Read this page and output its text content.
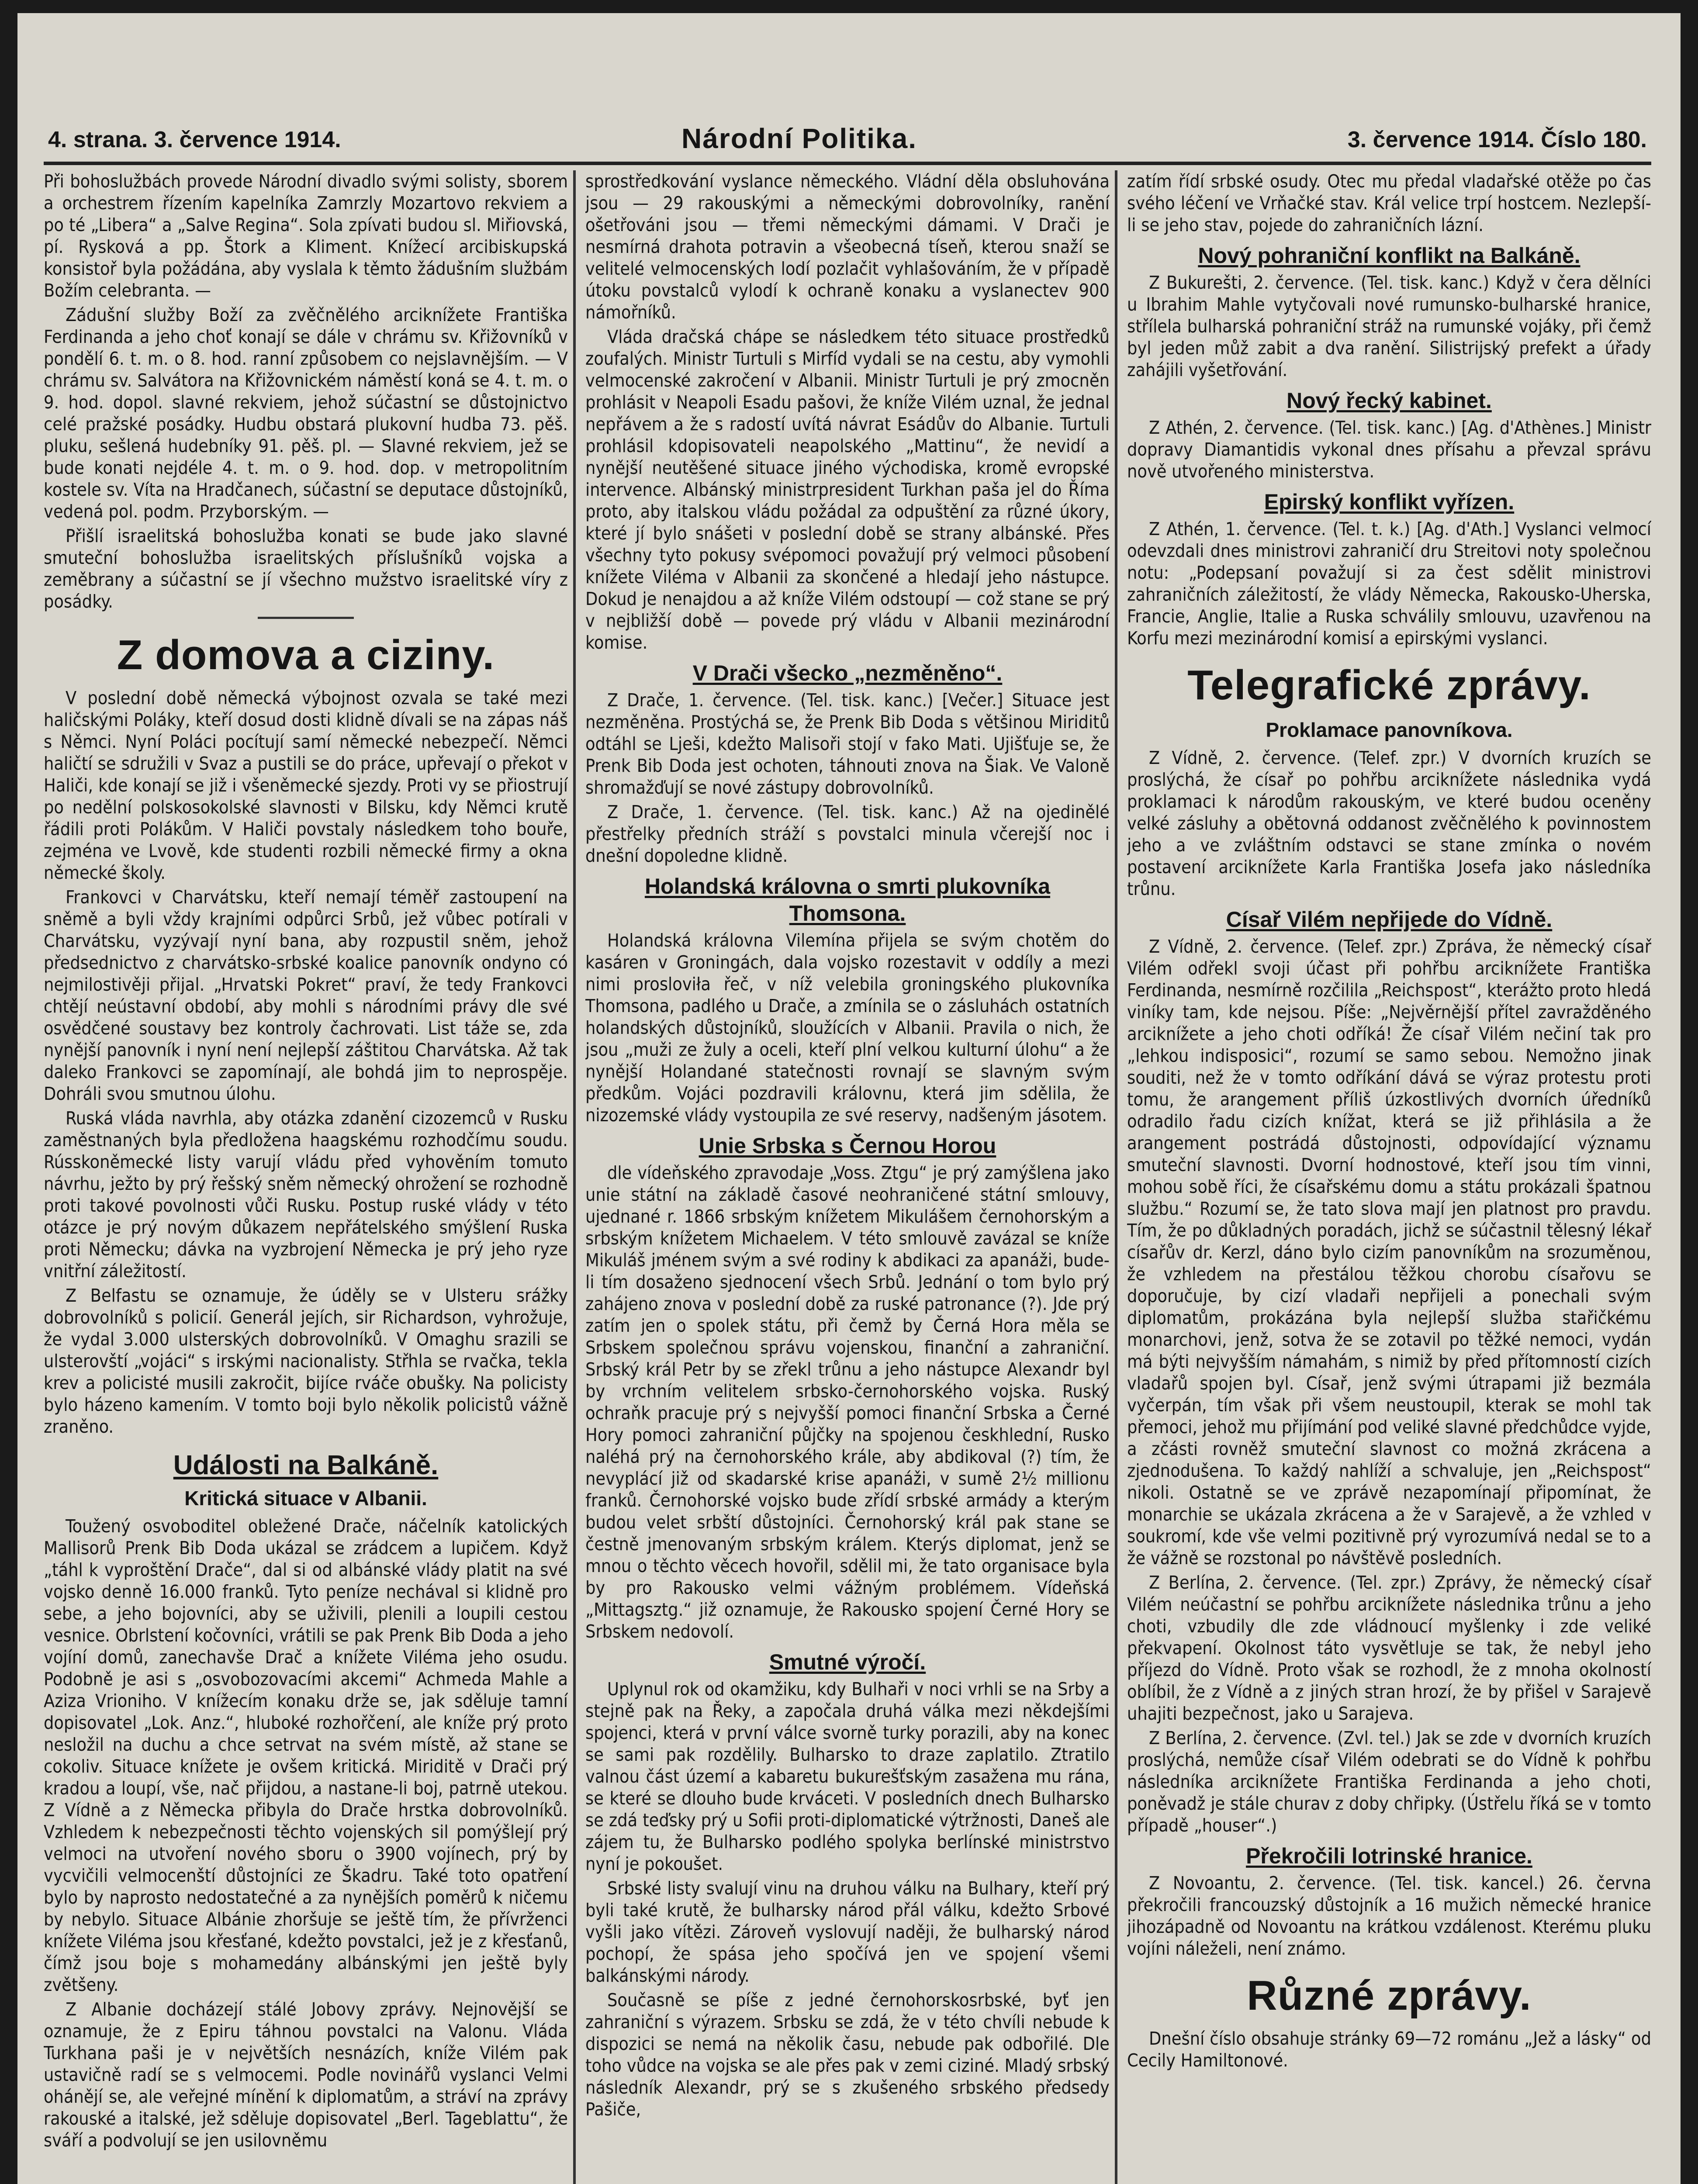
4. strana. 3. července 1914.	Národní Politika.	3. července 1914. Číslo 180.

Při bohoslužbách provede Národní divadlo svými solisty, sborem a orchestrem řízením kapelníka Zamrzly Mozartovo rekviem a po té „Libera“ a „Salve Regina“. Sola zpívati budou sl. Miřiovská, pí. Rysková a pp. Štork a Kliment. Knížecí arcibiskupská konsistoř byla požádána, aby vyslala k těmto žádušním službám Božím celebranta. —

Zádušní služby Boží za zvěčnělého arciknížete Františka Ferdinanda a jeho choť konají se dále v chrámu sv. Křižovníků v pondělí 6. t. m. o 8. hod. ranní způsobem co nejslavnějším. — V chrámu sv. Salvátora na Křižovnickém náměstí koná se 4. t. m. o 9. hod. dopol. slavné rekviem, jehož súčastní se důstojnictvo celé pražské posádky. Hudbu obstará plukovní hudba 73. pěš. pluku, sešlená hudebníky 91. pěš. pl. — Slavné rekviem, jež se bude konati nejdéle 4. t. m. o 9. hod. dop. v metropolitním kostele sv. Víta na Hradčanech, súčastní se deputace důstojníků, vedená pol. podm. Przyborským. —

Přišlí israelitská bohoslužba konati se bude jako slavné smuteční bohoslužba israelitských příslušníků vojska a zeměbrany a súčastní se jí všechno mužstvo israelitské víry z posádky.

Z domova a ciziny.

V poslední době německá výbojnost ozvala se také mezi haličskými Poláky, kteří dosud dosti klidně dívali se na zápas náš s Němci. Nyní Poláci pocítují samí německé nebezpečí. Němci haličtí se sdružili v Svaz a pustili se do práce, upřevají o překot v Haliči, kde konají se již i všeněmecké sjezdy. Proti vy se přiostrují po nedělní polskosokolské slavnosti v Bilsku, kdy Němci krutě řádili proti Polákům. V Haliči povstaly následkem toho bouře, zejména ve Lvově, kde studenti rozbili německé firmy a okna německé školy.

Frankovci v Charvátsku, kteří nemají téměř zastoupení na sněmě a byli vždy krajními odpůrci Srbů, jež vůbec potírali v Charvátsku, vyzývají nyní bana, aby rozpustil sněm, jehož předsednictvo z charvátsko-srbské koalice panovník ondyno có nejmilostivěji přijal. „Hrvatski Pokret“ praví, že tedy Frankovci chtějí neústavní období, aby mohli s národními právy dle své osvědčené soustavy bez kontroly čachrovati. List táže se, zda nynější panovník i nyní není nejlepší záštitou Charvátska. Až tak daleko Frankovci se zapomínají, ale bohdá jim to neprospěje. Dohráli svou smutnou úlohu.

Ruská vláda navrhla, aby otázka zdanění cizozemců v Rusku zaměstnaných byla předložena haagskému rozhodčímu soudu. Rússkoněmecké listy varují vládu před vyhověním tomuto návrhu, ježto by prý řešský sněm německý ohrožení se rozhodně proti takové povolnosti vůči Rusku. Postup ruské vlády v této otázce je prý novým důkazem nepřátelského smýšlení Ruska proti Německu; dávka na vyzbrojení Německa je prý jeho ryze vnitřní záležitostí.

Z Belfastu se oznamuje, že úděly se v Ulsteru srážky dobrovolníků s policií. Generál jejích, sir Richardson, vyhrožuje, že vydal 3.000 ulsterských dobrovolníků. V Omaghu srazili se ulsterovští „vojáci“ s irskými nacionalisty. Střhla se rvačka, tekla krev a policisté musili zakročit, bijíce rváče obušky. Na policisty bylo házeno kamením. V tomto boji bylo několik policistů vážně zraněno.

Události na Balkáně.
Kritická situace v Albanii.

Toužený osvoboditel obležené Drače, náčelník katolických Mallisorů Prenk Bib Doda ukázal se zrádcem a lupičem. Když „táhl k vyproštění Drače“, dal si od albánské vlády platit na své vojsko denně 16.000 franků. Tyto peníze nechával si klidně pro sebe, a jeho bojovníci, aby se uživili, plenili a loupili cestou vesnice. Obrlstení kočovníci, vrátili se pak Prenk Bib Doda a jeho vojíní domů, zanechavše Drač a knížete Viléma jeho osudu. Podobně je asi s „osvobozovacími akcemi“ Achmeda Mahle a Aziza Vrioniho. V knížecím konaku drže se, jak sděluje tamní dopisovatel „Lok. Anz.“, hluboké rozhořčení, ale kníže prý proto nesložil na duchu a chce setrvat na svém místě, až stane se cokoliv. Situace knížete je ovšem kritická. Miriditě v Drači prý kradou a loupí, vše, nač přijdou, a nastane-li boj, patrně utekou. Z Vídně a z Německa přibyla do Drače hrstka dobrovolníků. Vzhledem k nebezpečnosti těchto vojenských sil pomýšlejí prý velmoci na utvoření nového sboru o 3900 vojínech, prý by vycvičili velmocenští důstojníci ze Škadru. Také toto opatření bylo by naprosto nedostatečné a za nynějších poměrů k ničemu by nebylo. Situace Albánie zhoršuje se ještě tím, že přívrženci knížete Viléma jsou křesťané, kdežto povstalci, jež je z křesťanů, čímž jsou boje s mohamedány albánskými jen ještě byly zvětšeny.

Z Albanie docházejí stálé Jobovy zprávy. Nejnovější se oznamuje, že z Epiru táhnou povstalci na Valonu. Vláda Turkhana paši je v největších nesnázích, kníže Vilém pak ustavičně radí se s velmocemi. Podle novinářů vyslanci Velmi ohánějí se, ale veřejné mínění k diplomatům, a stráví na zprávy rakouské a italské, jež sděluje dopisovatel „Berl. Tageblattu“, že sváří a podvolují se jen usilovněmu

sprostředkování vyslance německého. Vládní děla obsluhována jsou — 29 rakouskými a německými dobrovolníky, ranění ošetřováni jsou — třemi německými dámami. V Drači je nesmírná drahota potravin a všeobecná tíseň, kterou snaží se velitelé velmocenských lodí pozlačit vyhlašováním, že v případě útoku povstalců vylodí k ochraně konaku a vyslanectev 900 námořníků.

Vláda dračská chápe se následkem této situace prostředků zoufalých. Ministr Turtuli s Mirfíd vydali se na cestu, aby vymohli velmocenské zakročení v Albanii. Ministr Turtuli je prý zmocněn prohlásit v Neapoli Esadu pašovi, že kníže Vilém uznal, že jednal nepřávem a že s radostí uvítá návrat Esádův do Albanie. Turtuli prohlásil kdopisovateli neapolského „Mattinu“, že nevidí a nynější neutěšené situace jiného východiska, kromě evropské intervence. Albánský ministrpresident Turkhan paša jel do Říma proto, aby italskou vládu požádal za odpuštění za různé úkory, které jí bylo snášeti v poslední době se strany albánské. Přes všechny tyto pokusy svépomoci považují prý velmoci působení knížete Viléma v Albanii za skončené a hledají jeho nástupce. Dokud je nenajdou a až kníže Vilém odstoupí — což stane se prý v nejbližší době — povede prý vládu v Albanii mezinárodní komise.

V Drači všecko „nezměněno“.

Z Drače, 1. července. (Tel. tisk. kanc.) [Večer.] Situace jest nezměněna. Prostýchá se, že Prenk Bib Doda s většinou Miriditů odtáhl se Lješi, kdežto Malisoři stojí v fako Mati. Ujišťuje se, že Prenk Bib Doda jest ochoten, táhnouti znova na Šiak. Ve Valoně shromažďují se nové zástupy dobrovolníků.

Z Drače, 1. července. (Tel. tisk. kanc.) Až na ojedinělé přestřelky předních stráží s povstalci minula včerejší noc i dnešní dopoledne klidně.

Holandská královna o smrti plukovníka Thomsona.

Holandská královna Vilemína přijela se svým chotěm do kasáren v Groningách, dala vojsko rozestavit v oddíly a mezi nimi prosloviła řeč, v níž velebila groningského plukovníka Thomsona, padlého u Drače, a zmínila se o zásluhách ostatních holandských důstojníků, sloužících v Albanii. Pravila o nich, že jsou „muži ze žuly a oceli, kteří plní velkou kulturní úlohu“ a že nynější Holandané statečnosti rovnají se slavným svým předkům. Vojáci pozdravili královnu, která jim sdělila, že nizozemské vlády vystoupila ze své reservy, nadšeným jásotem.

Unie Srbska s Černou Horou

dle vídeňského zpravodaje „Voss. Ztgu“ je prý zamýšlena jako unie státní na základě časové neohraničené státní smlouvy, ujednané r. 1866 srbským knížetem Mikulášem černohorským a srbským knížetem Michaelem. V této smlouvě zavázal se kníže Mikuláš jménem svým a své rodiny k abdikaci za apanáži, bude-li tím dosaženo sjednocení všech Srbů. Jednání o tom bylo prý zahájeno znova v poslední době za ruské patronance (?). Jde prý zatím jen o spolek státu, při čemž by Černá Hora měla se Srbskem společnou správu vojenskou, finanční a zahraniční. Srbský král Petr by se zřekl trůnu a jeho nástupce Alexandr byl by vrchním velitelem srbsko-černohorského vojska. Ruský ochraňk pracuje prý s nejvyšší pomoci finanční Srbska a Černé Hory pomoci zahraniční půjčky na spojenou českhlední, Rusko naléhá prý na černohorského krále, aby abdikoval (?) tím, že nevyplácí již od skadarské krise apanáži, v sumě 2½ millionu franků. Černohorské vojsko bude zřídí srbské armády a kterým budou velet srbští důstojníci. Černohorský král pak stane se čestně jmenovaným srbským králem. Kterýs diplomat, jenž se mnou o těchto věcech hovořil, sdělil mi, že tato organisace byla by pro Rakousko velmi vážným problémem. Vídeňská „Mittagsztg.“ již oznamuje, že Rakousko spojení Černé Hory se Srbskem nedovolí.

Smutné výročí.

Uplynul rok od okamžiku, kdy Bulhaři v noci vrhli se na Srby a stejně pak na Řeky, a započala druhá válka mezi někdejšími spojenci, která v první válce svorně turky porazili, aby na konec se sami pak rozdělily. Bulharsko to draze zaplatilo. Ztratilo valnou část území a kabaretu bukurešťským zasažena mu rána, se které se dlouho bude krváceti. V posledních dnech Bulharsko se zdá teďsky prý u Sofii proti-diplomatické výtržnosti, Daneš ale zájem tu, že Bulharsko podlého spolyka berlínské ministrstvo nyní je pokoušet.

Srbské listy svalují vinu na druhou válku na Bulhary, kteří prý byli také krutě, že bulharsky národ přál válku, kdežto Srbové vyšli jako vítězi. Zároveň vyslovují naději, že bulharský národ pochopí, že spása jeho spočívá jen ve spojení všemi balkánskými národy.

Současně se píše z jedné černohorskosrbské, byť jen zahraniční s výrazem. Srbsku se zdá, že v této chvíli nebude k dispozici se nemá na několik času, nebude pak odbořilé. Dle toho vůdce na vojska se ale přes pak v zemi ciziné. Mladý srbský následník Alexandr, prý se s zkušeného srbského předsedy Pašiče,

zatím řídí srbské osudy. Otec mu předal vladařské otěže po čas svého léčení ve Vrňačké stav. Král velice trpí hostcem. Nezlepší-li se jeho stav, pojede do zahraničních lázní.

Nový pohraniční konflikt na Balkáně.

Z Bukurešti, 2. července. (Tel. tisk. kanc.) Když v čera dělníci u Ibrahim Mahle vytyčovali nové rumunsko-bulharské hranice, střílela bulharská pohraniční stráž na rumunské vojáky, při čemž byl jeden můž zabit a dva ranění. Silistrijský prefekt a úřady zahájili vyšetřování.

Nový řecký kabinet.

Z Athén, 2. července. (Tel. tisk. kanc.) [Ag. d'Athènes.] Ministr dopravy Diamantidis vykonal dnes přísahu a převzal správu nově utvořeného ministerstva.

Epirský konflikt vyřízen.

Z Athén, 1. července. (Tel. t. k.) [Ag. d'Ath.] Vyslanci velmocí odevzdali dnes ministrovi zahraničí dru Streitovi noty společnou notu: „Podepsaní považují si za čest sdělit ministrovi zahraničních záležitostí, že vlády Německa, Rakousko-Uherska, Francie, Anglie, Italie a Ruska schválily smlouvu, uzavřenou na Korfu mezi mezinárodní komisí a epirskými vyslanci.

Telegrafické zprávy.
Proklamace panovníkova.

Z Vídně, 2. července. (Telef. zpr.) V dvorních kruzích se proslýchá, že císař po pohřbu arciknížete následnika vydá proklamaci k národům rakouským, ve které budou oceněny velké zásluhy a obětovná oddanost zvěčnělého k povinnostem jeho a ve zvláštním odstavci se stane zmínka o novém postavení arciknížete Karla Františka Josefa jako následníka trůnu.

Císař Vilém nepřijede do Vídně.

Z Vídně, 2. července. (Telef. zpr.) Zpráva, že německý císař Vilém odřekl svoji účast při pohřbu arciknížete Františka Ferdinanda, nesmírně rozčilila „Reichspost“, kterážto proto hledá viníky tam, kde nejsou. Píše: „Nejvěrnější přítel zavražděného arciknížete a jeho choti odříká! Že císař Vilém nečiní tak pro „lehkou indisposici“, rozumí se samo sebou. Nemožno jinak souditi, než že v tomto odříkání dává se výraz protestu proti tomu, že arangement příliš úzkostlivých dvorních úředníků odradilo řadu cizích knížat, která se již přihlásila a že arangement postrádá důstojnosti, odpovídající významu smuteční slavnosti. Dvorní hodnostové, kteří jsou tím vinni, mohou sobě říci, že císařskému domu a státu prokázali špatnou službu.“ Rozumí se, že tato slova mají jen platnost pro pravdu. Tím, že po důkladných poradách, jichž se súčastnil tělesný lékař císařův dr. Kerzl, dáno bylo cizím panovníkům na srozuměnou, že vzhledem na přestálou těžkou chorobu císařovu se doporučuje, by cizí vladaři nepřijeli a ponechali svým diplomatům, prokázána byla nejlepší služba stařičkému monarchovi, jenž, sotva že se zotavil po těžké nemoci, vydán má býti nejvyšším námahám, s nimiž by před přítomností cizích vladařů spojen byl. Císař, jenž svými útrapami již bezmála vyčerpán, tím však při všem neustoupil, kterak se mohl tak přemoci, jehož mu přijímání pod veliké slavné předchůdce vyjde, a zčásti rovněž smuteční slavnost co možná zkrácena a zjednodušena. To každý nahlíží a schvaluje, jen „Reichspost“ nikoli. Ostatně se ve zprávě nezapomínají připomínat, že monarchie se ukázala zkrácena a že v Sarajevě, a že vzhled v soukromí, kde vše velmi pozitivně prý vyrozumívá nedal se to a že vážně se rozstonal po návštěvě posledních.

Z Berlína, 2. července. (Tel. zpr.) Zprávy, že německý císař Vilém neúčastní se pohřbu arciknížete následnika trůnu a jeho choti, vzbudily dle zde vládnoucí myšlenky i zde veliké překvapení. Okolnost táto vysvětluje se tak, že nebyl jeho příjezd do Vídně. Proto však se rozhodl, že z mnoha okolností oblíbil, že z Vídně a z jiných stran hrozí, že by přišel v Sarajevě uhajiti bezpečnost, jako u Sarajeva.

Z Berlína, 2. července. (Zvl. tel.) Jak se zde v dvorních kruzích proslýchá, nemůže císař Vilém odebrati se do Vídně k pohřbu následníka arciknížete Františka Ferdinanda a jeho choti, poněvadž je stále churav z doby chřipky. (Ústřelu říká se v tomto případě „houser“.)

Překročili lotrinské hranice.

Z Novoantu, 2. července. (Tel. tisk. kancel.) 26. června překročili francouzský důstojník a 16 mužich německé hranice jihozápadně od Novoantu na krátkou vzdálenost. Kterému pluku vojíni náleželi, není známo.

Různé zprávy.

Dnešní číslo obsahuje stránky 69—72 románu „Jež a lásky“ od Cecily Hamiltonové.
